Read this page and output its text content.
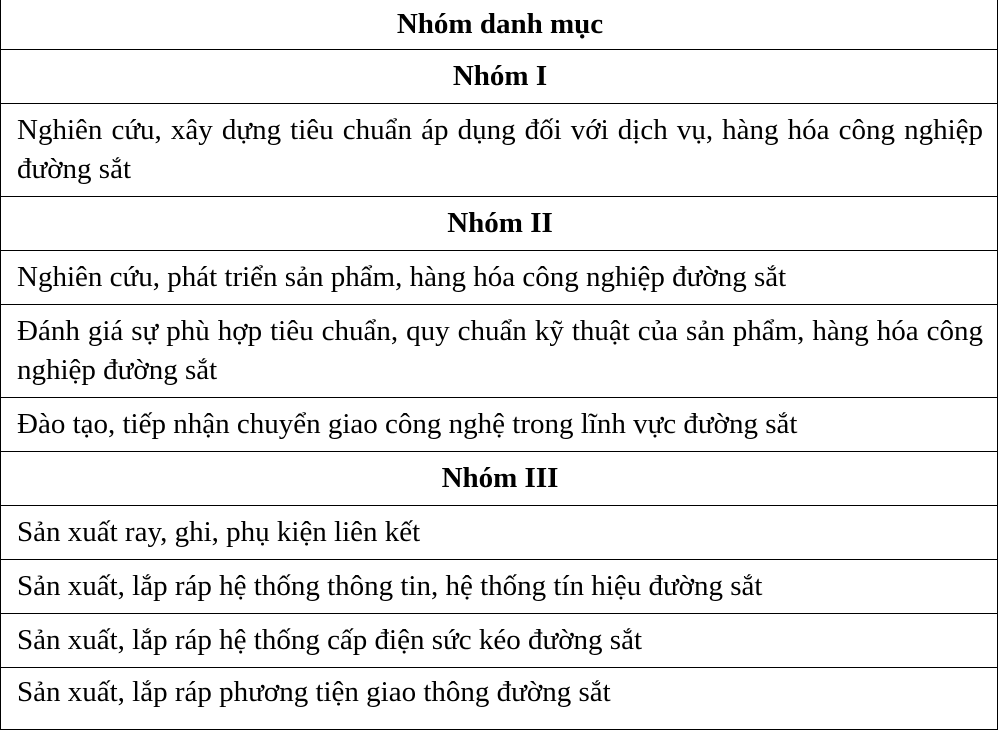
Nhóm danh mục
Nhóm I
Nghiên cứu, xây dựng tiêu chuẩn áp dụng đối với dịch vụ, hàng hóa công nghiệp đường sắt
Nhóm II
Nghiên cứu, phát triển sản phẩm, hàng hóa công nghiệp đường sắt
Đánh giá sự phù hợp tiêu chuẩn, quy chuẩn kỹ thuật của sản phẩm, hàng hóa công nghiệp đường sắt
Đào tạo, tiếp nhận chuyển giao công nghệ trong lĩnh vực đường sắt
Nhóm III
Sản xuất ray, ghi, phụ kiện liên kết
Sản xuất, lắp ráp hệ thống thông tin, hệ thống tín hiệu đường sắt
Sản xuất, lắp ráp hệ thống cấp điện sức kéo đường sắt
Sản xuất, lắp ráp phương tiện giao thông đường sắt
